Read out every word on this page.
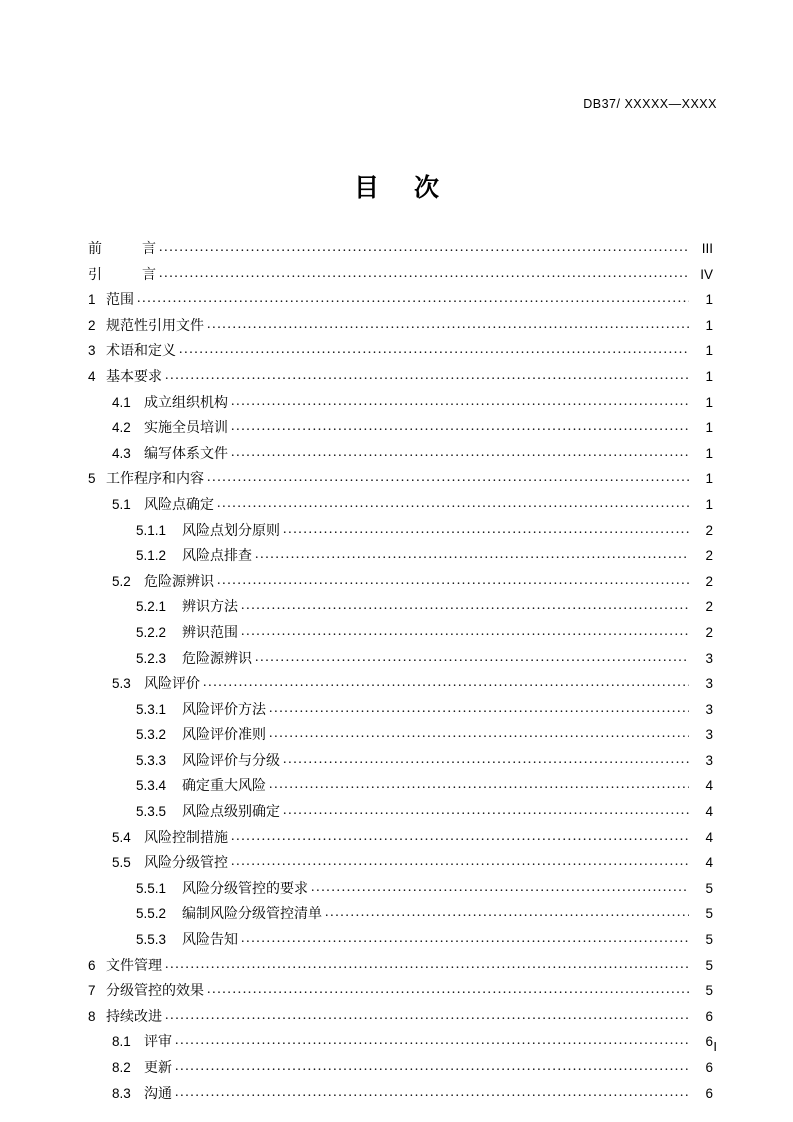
DB37/ XXXXX—XXXX
目 次
前	言 .....	III
引	言 .....	IV
1 范围 .....	1
2 规范性引用文件 .....	1
3 术语和定义 .....	1
4 基本要求 .....	1
4.1 成立组织机构 .....	1
4.2 实施全员培训 .....	1
4.3 编写体系文件 .....	1
5 工作程序和内容 .....	1
5.1 风险点确定 .....	1
5.1.1	风险点划分原则 .....	2
5.1.2	风险点排查 .....	2
5.2 危险源辨识 .....	2
5.2.1	辨识方法 .....	2
5.2.2	辨识范围 .....	2
5.2.3	危险源辨识 .....	3
5.3 风险评价 .....	3
5.3.1	风险评价方法 .....	3
5.3.2	风险评价准则 .....	3
5.3.3	风险评价与分级 .....	3
5.3.4	确定重大风险 .....	4
5.3.5	风险点级别确定 .....	4
5.4 风险控制措施 .....	4
5.5 风险分级管控 .....	4
5.5.1	风险分级管控的要求 .....	5
5.5.2	编制风险分级管控清单 .....	5
5.5.3	风险告知 .....	5
6 文件管理 .....	5
7 分级管控的效果 .....	5
8 持续改进 .....	6
8.1 评审 .....	6
8.2 更新 .....	6
8.3 沟通 .....	6
I
